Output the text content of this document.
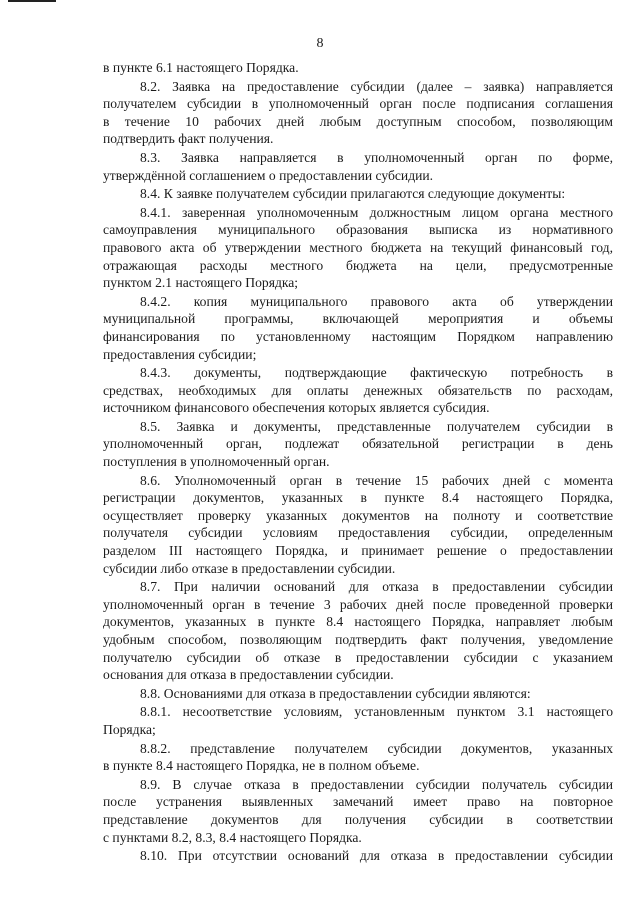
8
в пункте 6.1 настоящего Порядка.
8.2. Заявка на предоставление субсидии (далее – заявка) направляется
получателем субсидии в уполномоченный орган после подписания соглашения
в течение 10 рабочих дней любым доступным способом, позволяющим
подтвердить факт получения.
8.3. Заявка направляется в уполномоченный орган по форме,
утверждённой соглашением о предоставлении субсидии.
8.4. К заявке получателем субсидии прилагаются следующие документы:
8.4.1. заверенная уполномоченным должностным лицом органа местного
самоуправления муниципального образования выписка из нормативного
правового акта об утверждении местного бюджета на текущий финансовый год,
отражающая расходы местного бюджета на цели, предусмотренные
пунктом 2.1 настоящего Порядка;
8.4.2. копия муниципального правового акта об утверждении
муниципальной программы, включающей мероприятия и объемы
финансирования по установленному настоящим Порядком направлению
предоставления субсидии;
8.4.3. документы, подтверждающие фактическую потребность в
средствах, необходимых для оплаты денежных обязательств по расходам,
источником финансового обеспечения которых является субсидия.
8.5. Заявка и документы, представленные получателем субсидии в
уполномоченный орган, подлежат обязательной регистрации в день
поступления в уполномоченный орган.
8.6. Уполномоченный орган в течение 15 рабочих дней с момента
регистрации документов, указанных в пункте 8.4 настоящего Порядка,
осуществляет проверку указанных документов на полноту и соответствие
получателя субсидии условиям предоставления субсидии, определенным
разделом III настоящего Порядка, и принимает решение о предоставлении
субсидии либо отказе в предоставлении субсидии.
8.7. При наличии оснований для отказа в предоставлении субсидии
уполномоченный орган в течение 3 рабочих дней после проведенной проверки
документов, указанных в пункте 8.4 настоящего Порядка, направляет любым
удобным способом, позволяющим подтвердить факт получения, уведомление
получателю субсидии об отказе в предоставлении субсидии с указанием
основания для отказа в предоставлении субсидии.
8.8. Основаниями для отказа в предоставлении субсидии являются:
8.8.1. несоответствие условиям, установленным пунктом 3.1 настоящего
Порядка;
8.8.2. представление получателем субсидии документов, указанных
в пункте 8.4 настоящего Порядка, не в полном объеме.
8.9. В случае отказа в предоставлении субсидии получатель субсидии
после устранения выявленных замечаний имеет право на повторное
представление документов для получения субсидии в соответствии
с пунктами 8.2, 8.3, 8.4 настоящего Порядка.
8.10. При отсутствии оснований для отказа в предоставлении субсидии
